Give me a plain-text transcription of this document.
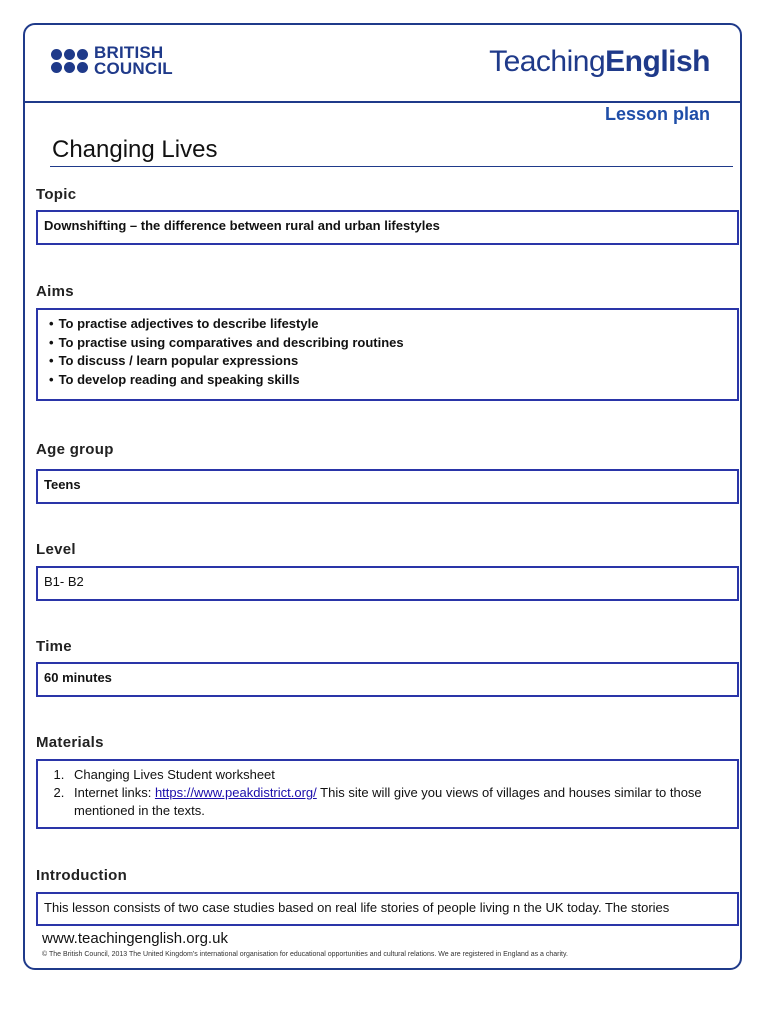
BRITISH
COUNCIL	TeachingEnglish
Lesson plan
Changing Lives
Topic
Downshifting – the difference between rural and urban lifestyles
Aims
• To practise adjectives to describe lifestyle
• To practise using comparatives and describing routines
• To discuss / learn popular expressions
• To develop reading and speaking skills
Age group
Teens
Level
B1- B2
Time
60 minutes
Materials
1. Changing Lives Student worksheet
2. Internet links: https://www.peakdistrict.org/ This site will give you views of villages and houses similar to those mentioned in the texts.
Introduction
This lesson consists of two case studies based on real life stories of people living n the UK today. The stories
www.teachingenglish.org.uk
© The British Council, 2013 The United Kingdom’s international organisation for educational opportunities and cultural relations. We are registered in England as a charity.
